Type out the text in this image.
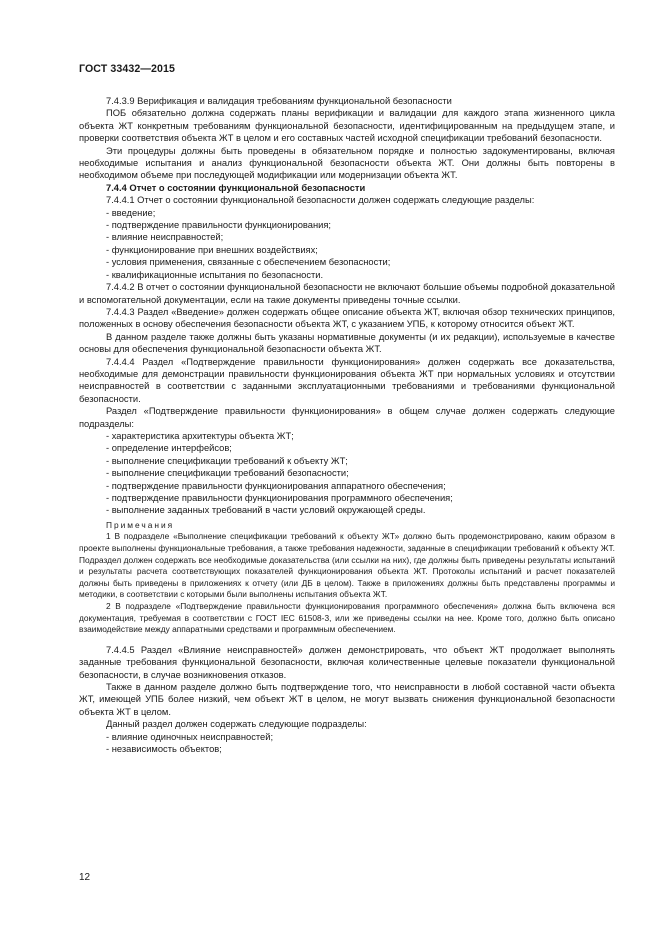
ГОСТ 33432—2015

7.4.3.9 Верификация и валидация требованиям функциональной безопасности

ПОБ обязательно должна содержать планы верификации и валидации для каждого этапа жизненного цикла объекта ЖТ конкретным требованиям функциональной безопасности, идентифицированным на предыдущем этапе, и проверки соответствия объекта ЖТ в целом и его составных частей исходной спецификации требований безопасности.

Эти процедуры должны быть проведены в обязательном порядке и полностью задокументированы, включая необходимые испытания и анализ функциональной безопасности объекта ЖТ. Они должны быть повторены в необходимом объеме при последующей модификации или модернизации объекта ЖТ.

7.4.4 Отчет о состоянии функциональной безопасности

7.4.4.1 Отчет о состоянии функциональной безопасности должен содержать следующие разделы:

- введение;

- подтверждение правильности функционирования;

- влияние неисправностей;

- функционирование при внешних воздействиях;

- условия применения, связанные с обеспечением безопасности;

- квалификационные испытания по безопасности.

7.4.4.2 В отчет о состоянии функциональной безопасности не включают большие объемы подробной доказательной и вспомогательной документации, если на такие документы приведены точные ссылки.

7.4.4.3 Раздел «Введение» должен содержать общее описание объекта ЖТ, включая обзор технических принципов, положенных в основу обеспечения безопасности объекта ЖТ, с указанием УПБ, к которому относится объект ЖТ.

В данном разделе также должны быть указаны нормативные документы (и их редакции), используемые в качестве основы для обеспечения функциональной безопасности объекта ЖТ.

7.4.4.4 Раздел «Подтверждение правильности функционирования» должен содержать все доказательства, необходимые для демонстрации правильности функционирования объекта ЖТ при нормальных условиях и отсутствии неисправностей в соответствии с заданными эксплуатационными требованиями и требованиями функциональной безопасности.

Раздел «Подтверждение правильности функционирования» в общем случае должен содержать следующие подразделы:

- характеристика архитектуры объекта ЖТ;

- определение интерфейсов;

- выполнение спецификации требований к объекту ЖТ;

- выполнение спецификации требований безопасности;

- подтверждение правильности функционирования аппаратного обеспечения;

- подтверждение правильности функционирования программного обеспечения;

- выполнение заданных требований в части условий окружающей среды.

Примечания

1 В подразделе «Выполнение спецификации требований к объекту ЖТ» должно быть продемонстрировано, каким образом в проекте выполнены функциональные требования, а также требования надежности, заданные в спецификации требований к объекту ЖТ. Подраздел должен содержать все необходимые доказательства (или ссылки на них), где должны быть приведены результаты испытаний и результаты расчета соответствующих показателей функционирования объекта ЖТ. Протоколы испытаний и расчет показателей должны быть приведены в приложениях к отчету (или ДБ в целом). Также в приложениях должны быть представлены программы и методики, в соответствии с которыми были выполнены испытания объекта ЖТ.

2 В подразделе «Подтверждение правильности функционирования программного обеспечения» должна быть включена вся документация, требуемая в соответствии с ГОСТ IEC 61508-3, или же приведены ссылки на нее. Кроме того, должно быть описано взаимодействие между аппаратными средствами и программным обеспечением.

7.4.4.5 Раздел «Влияние неисправностей» должен демонстрировать, что объект ЖТ продолжает выполнять заданные требования функциональной безопасности, включая количественные целевые показатели функциональной безопасности, в случае возникновения отказов.

Также в данном разделе должно быть подтверждение того, что неисправности в любой составной части объекта ЖТ, имеющей УПБ более низкий, чем объект ЖТ в целом, не могут вызвать снижения функциональной безопасности объекта ЖТ в целом.

Данный раздел должен содержать следующие подразделы:

- влияние одиночных неисправностей;

- независимость объектов;

12
